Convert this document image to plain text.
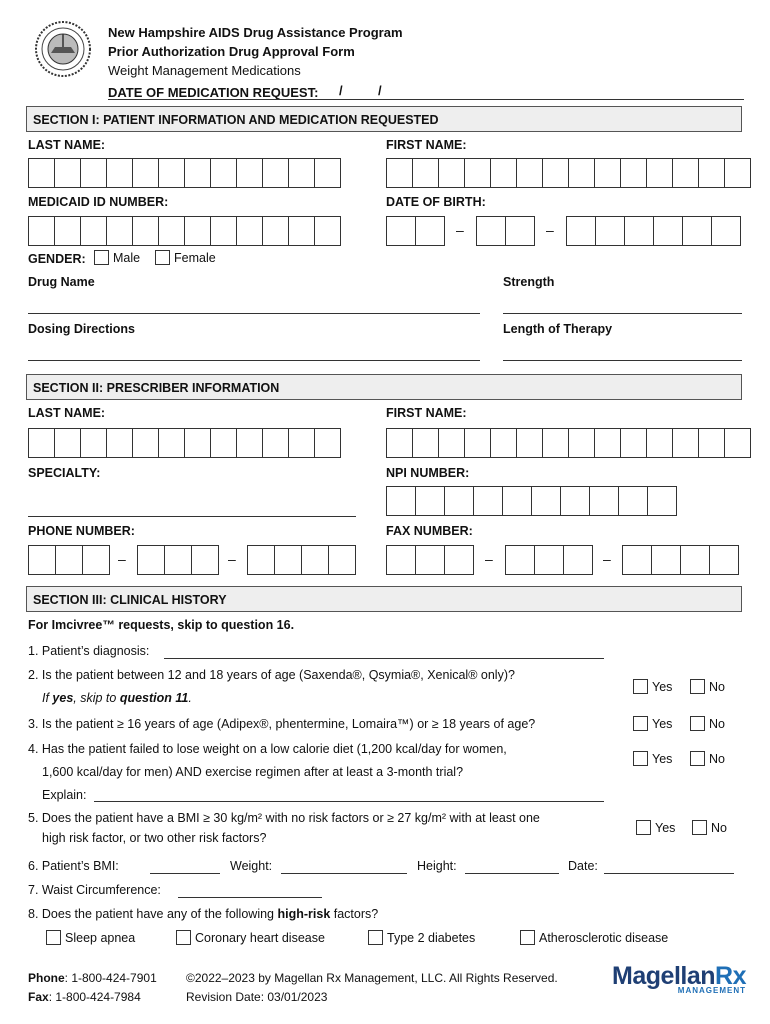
New Hampshire AIDS Drug Assistance Program
Prior Authorization Drug Approval Form
Weight Management Medications
DATE OF MEDICATION REQUEST: /	/
SECTION I: PATIENT INFORMATION AND MEDICATION REQUESTED
LAST NAME:	FIRST NAME:
MEDICAID ID NUMBER:	DATE OF BIRTH:
–	–
GENDER:	Male	Female
Drug Name	Strength
Dosing Directions	Length of Therapy
SECTION II: PRESCRIBER INFORMATION
LAST NAME:	FIRST NAME:
SPECIALTY:	NPI NUMBER:
PHONE NUMBER:	FAX NUMBER:
–	–	–	–
SECTION III: CLINICAL HISTORY
For Imcivree™ requests, skip to question 16.
1. Patient’s diagnosis:
2. Is the patient between 12 and 18 years of age (Saxenda®, Qsymia®, Xenical® only)?
If yes, skip to question 11.
Yes	No
3. Is the patient ≥ 16 years of age (Adipex®, phentermine, Lomaira™) or ≥ 18 years of age?	Yes	No
4. Has the patient failed to lose weight on a low calorie diet (1,200 kcal/day for women,
1,600 kcal/day for men) AND exercise regimen after at least a 3-month trial?
Yes	No
Explain:
5. Does the patient have a BMI ≥ 30 kg/m² with no risk factors or ≥ 27 kg/m² with at least one
high risk factor, or two other risk factors?
Yes	No
6. Patient’s BMI:	Weight:	Height:	Date:
7. Waist Circumference:
8. Does the patient have any of the following high-risk factors?
Sleep apnea	Coronary heart disease	Type 2 diabetes	Atherosclerotic disease
Phone: 1-800-424-7901
Fax: 1-800-424-7984
©2022–2023 by Magellan Rx Management, LLC. All Rights Reserved.
Revision Date: 03/01/2023
MagellanRx
MANAGEMENT
